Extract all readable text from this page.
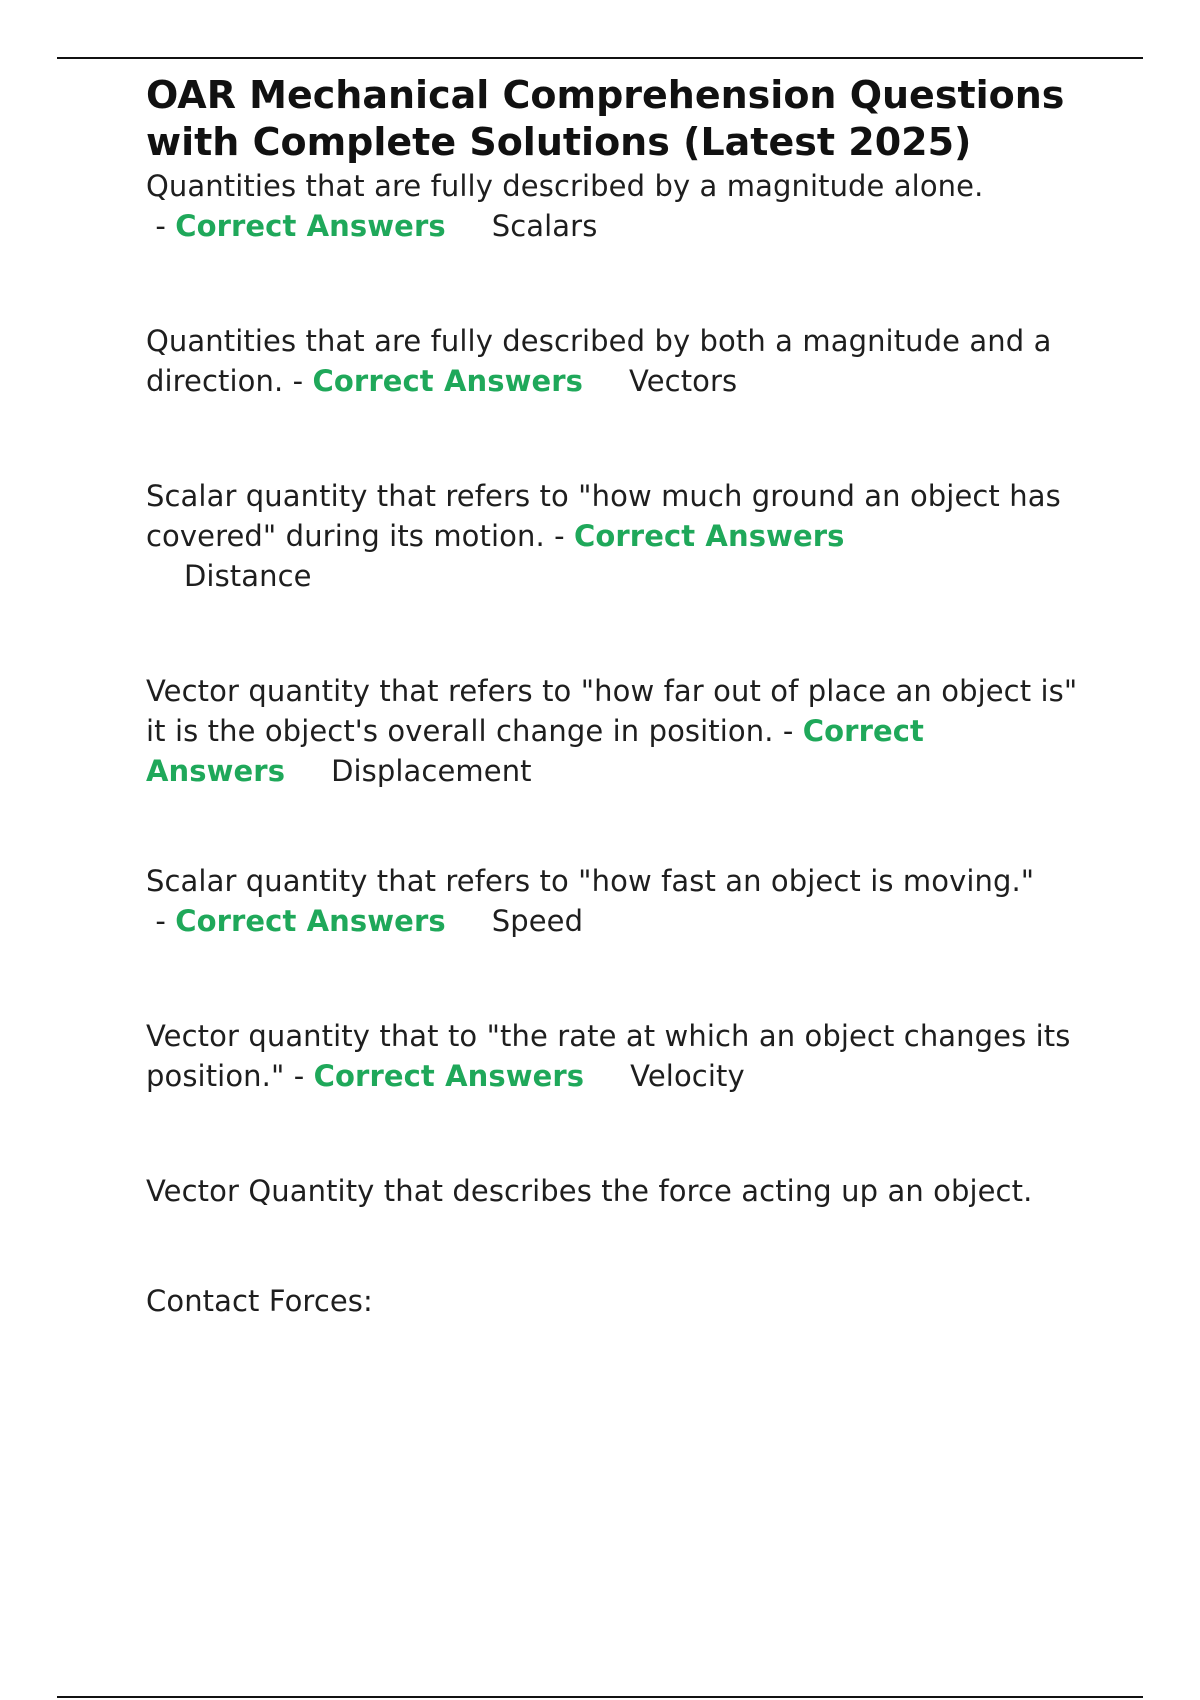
OAR Mechanical Comprehension Questions with Complete Solutions (Latest 2025)

Quantities that are fully described by a magnitude alone. - Correct Answers Scalars

Quantities that are fully described by both a magnitude and a direction. - Correct Answers Vectors

Scalar quantity that refers to "how much ground an object has covered" during its motion. - Correct Answers
Distance

Vector quantity that refers to "how far out of place an object is" it is the object's overall change in position. - Correct Answers Displacement

Scalar quantity that refers to "how fast an object is moving." - Correct Answers Speed

Vector quantity that to "the rate at which an object changes its position." - Correct Answers Velocity

Vector Quantity that describes the force acting up an object.

Contact Forces:
